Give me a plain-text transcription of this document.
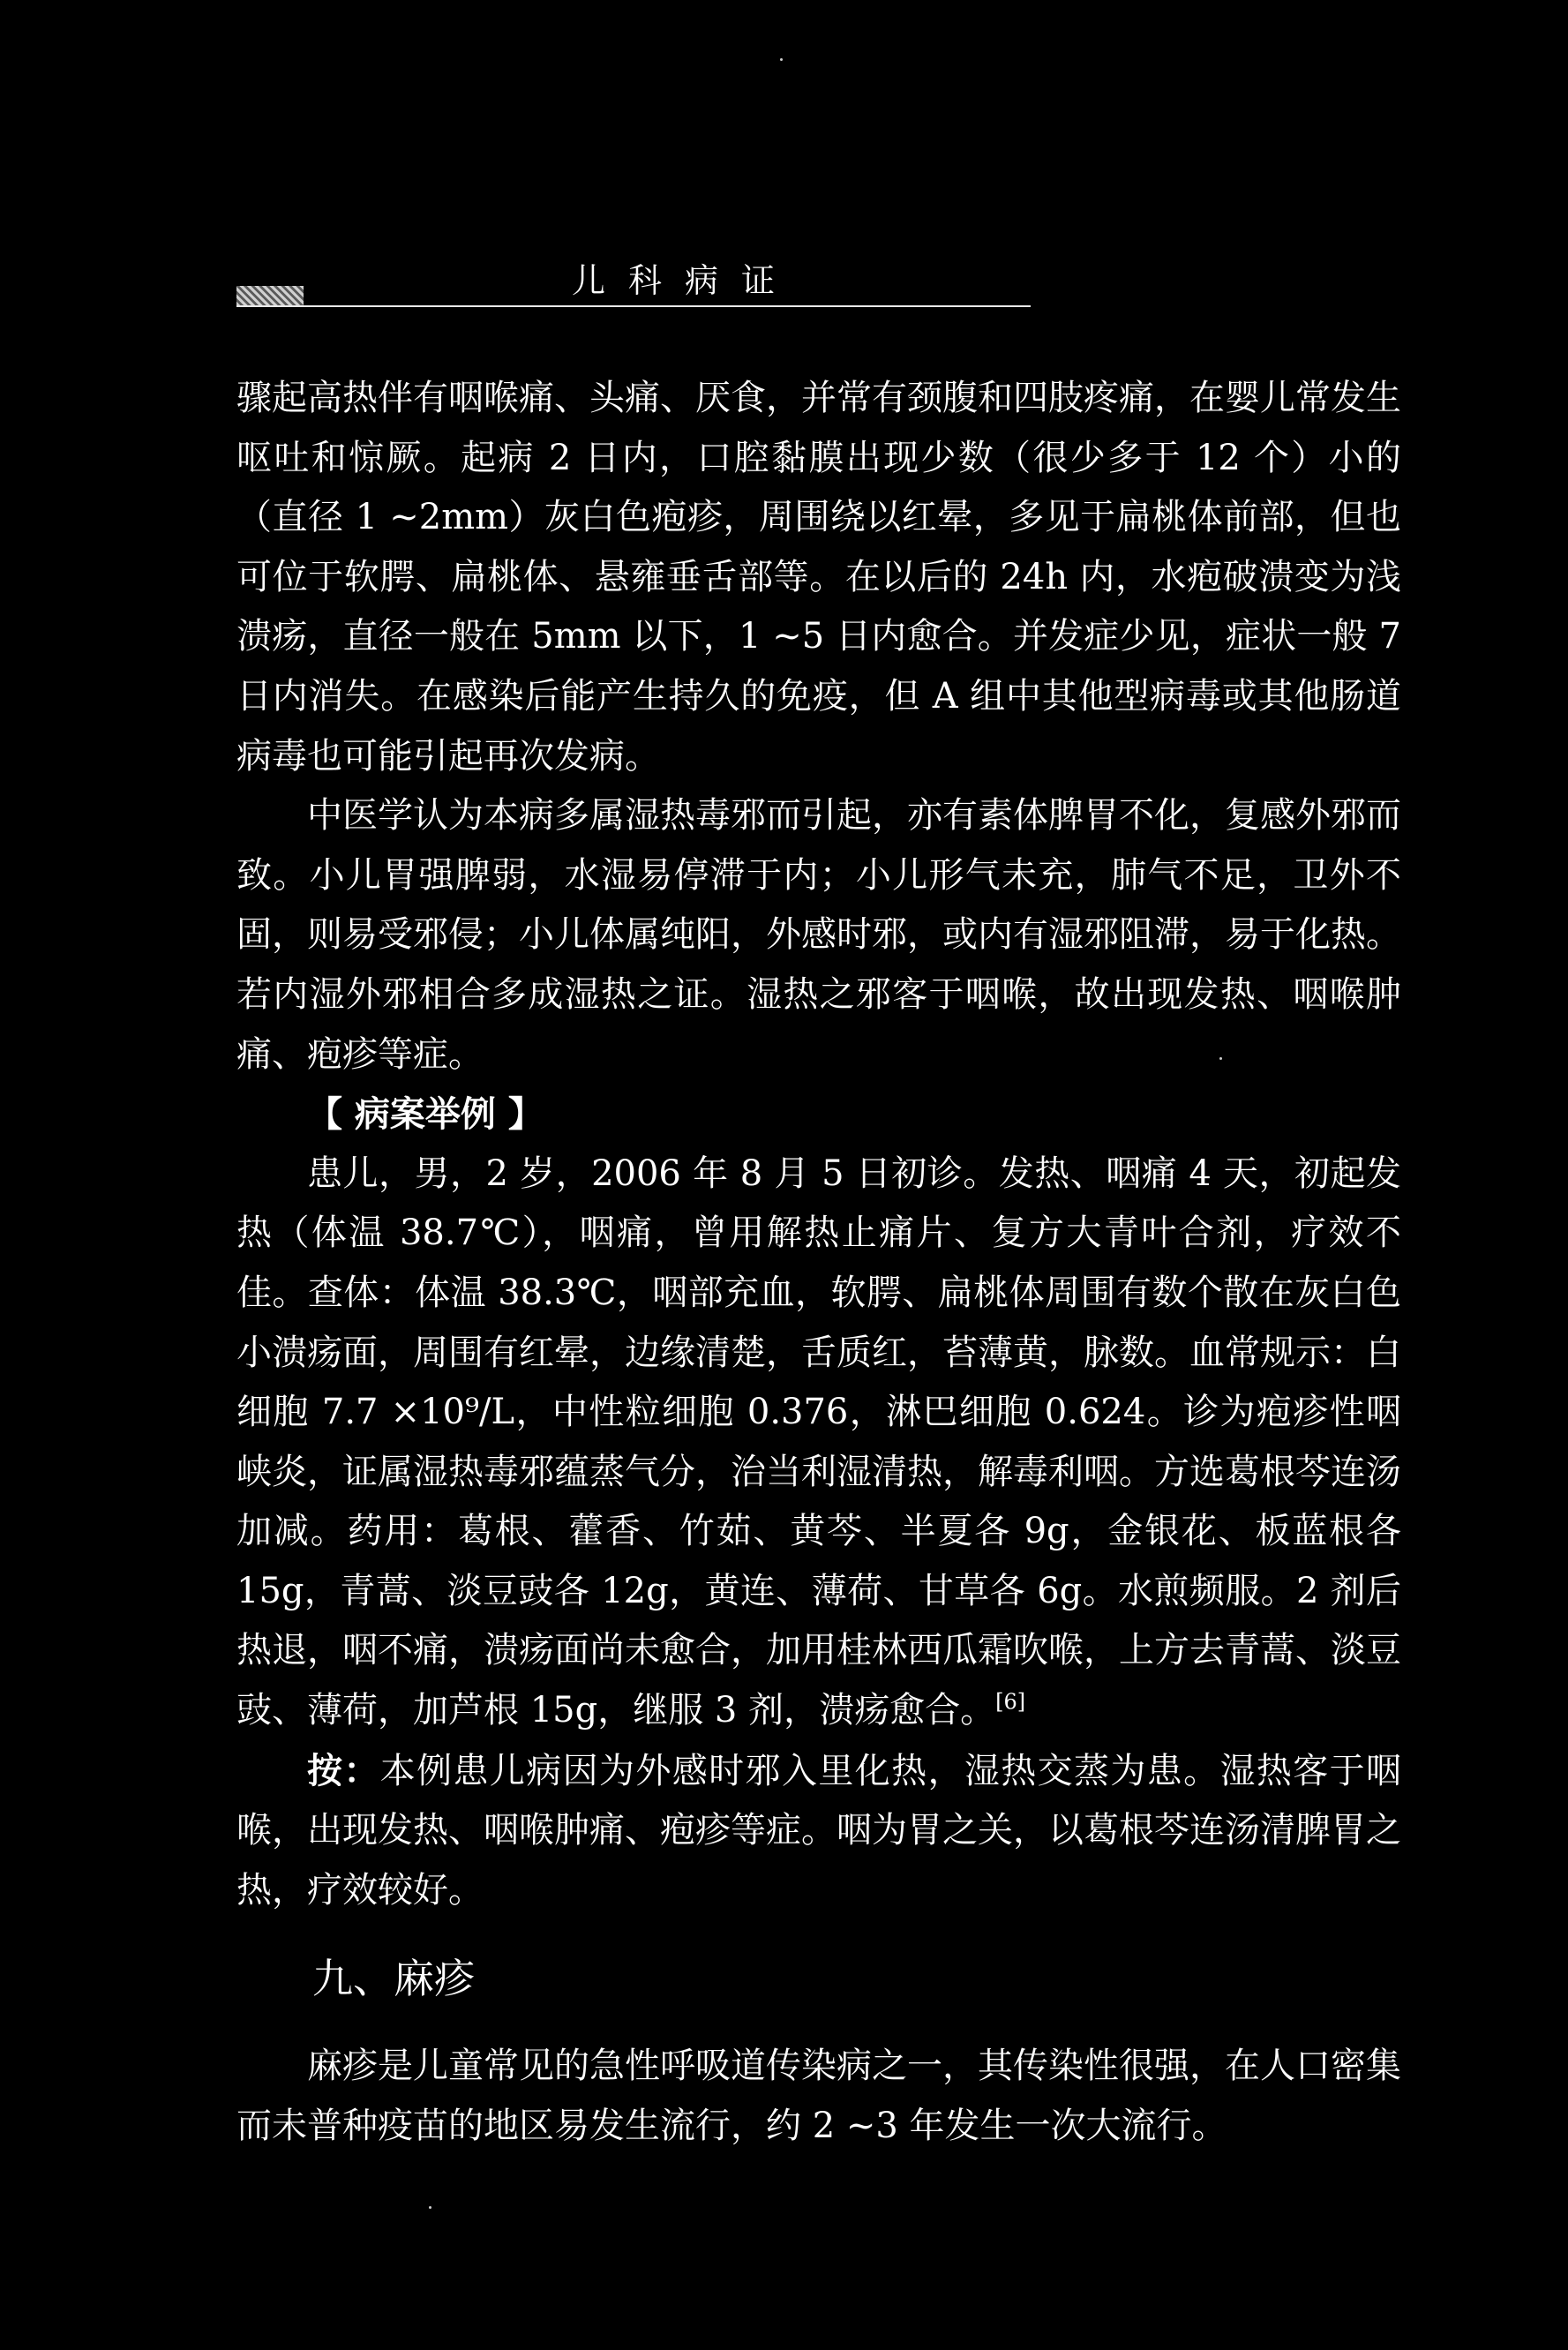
儿科病证

骤起高热伴有咽喉痛、头痛、厌食，并常有颈腹和四肢疼痛，在婴儿常发生呕吐和惊厥。起病 2 日内，口腔黏膜出现少数（很少多于 12 个）小的（直径 1 ~2mm）灰白色疱疹，周围绕以红晕，多见于扁桃体前部，但也可位于软腭、扁桃体、悬雍垂舌部等。在以后的 24h 内，水疱破溃变为浅溃疡，直径一般在 5mm 以下，1 ~5 日内愈合。并发症少见，症状一般 7 日内消失。在感染后能产生持久的免疫，但 A 组中其他型病毒或其他肠道病毒也可能引起再次发病。

中医学认为本病多属湿热毒邪而引起，亦有素体脾胃不化，复感外邪而致。小儿胃强脾弱，水湿易停滞于内；小儿形气未充，肺气不足，卫外不固，则易受邪侵；小儿体属纯阳，外感时邪，或内有湿邪阻滞，易于化热。若内湿外邪相合多成湿热之证。湿热之邪客于咽喉，故出现发热、咽喉肿痛、疱疹等症。

【 病案举例 】

患儿，男，2 岁，2006 年 8 月 5 日初诊。发热、咽痛 4 天，初起发热（体温 38.7℃），咽痛，曾用解热止痛片、复方大青叶合剂，疗效不佳。查体：体温 38.3℃，咽部充血，软腭、扁桃体周围有数个散在灰白色小溃疡面，周围有红晕，边缘清楚，舌质红，苔薄黄，脉数。血常规示：白细胞 7.7 ×10⁹/L，中性粒细胞 0.376，淋巴细胞 0.624。诊为疱疹性咽峡炎，证属湿热毒邪蕴蒸气分，治当利湿清热，解毒利咽。方选葛根芩连汤加减。药用：葛根、藿香、竹茹、黄芩、半夏各 9g，金银花、板蓝根各 15g，青蒿、淡豆豉各 12g，黄连、薄荷、甘草各 6g。水煎频服。2 剂后热退，咽不痛，溃疡面尚未愈合，加用桂林西瓜霜吹喉，上方去青蒿、淡豆豉、薄荷，加芦根 15g，继服 3 剂，溃疡愈合。[6]

按：本例患儿病因为外感时邪入里化热，湿热交蒸为患。湿热客于咽喉，出现发热、咽喉肿痛、疱疹等症。咽为胃之关，以葛根芩连汤清脾胃之热，疗效较好。

九、麻疹

麻疹是儿童常见的急性呼吸道传染病之一，其传染性很强，在人口密集而未普种疫苗的地区易发生流行，约 2 ~3 年发生一次大流行。
